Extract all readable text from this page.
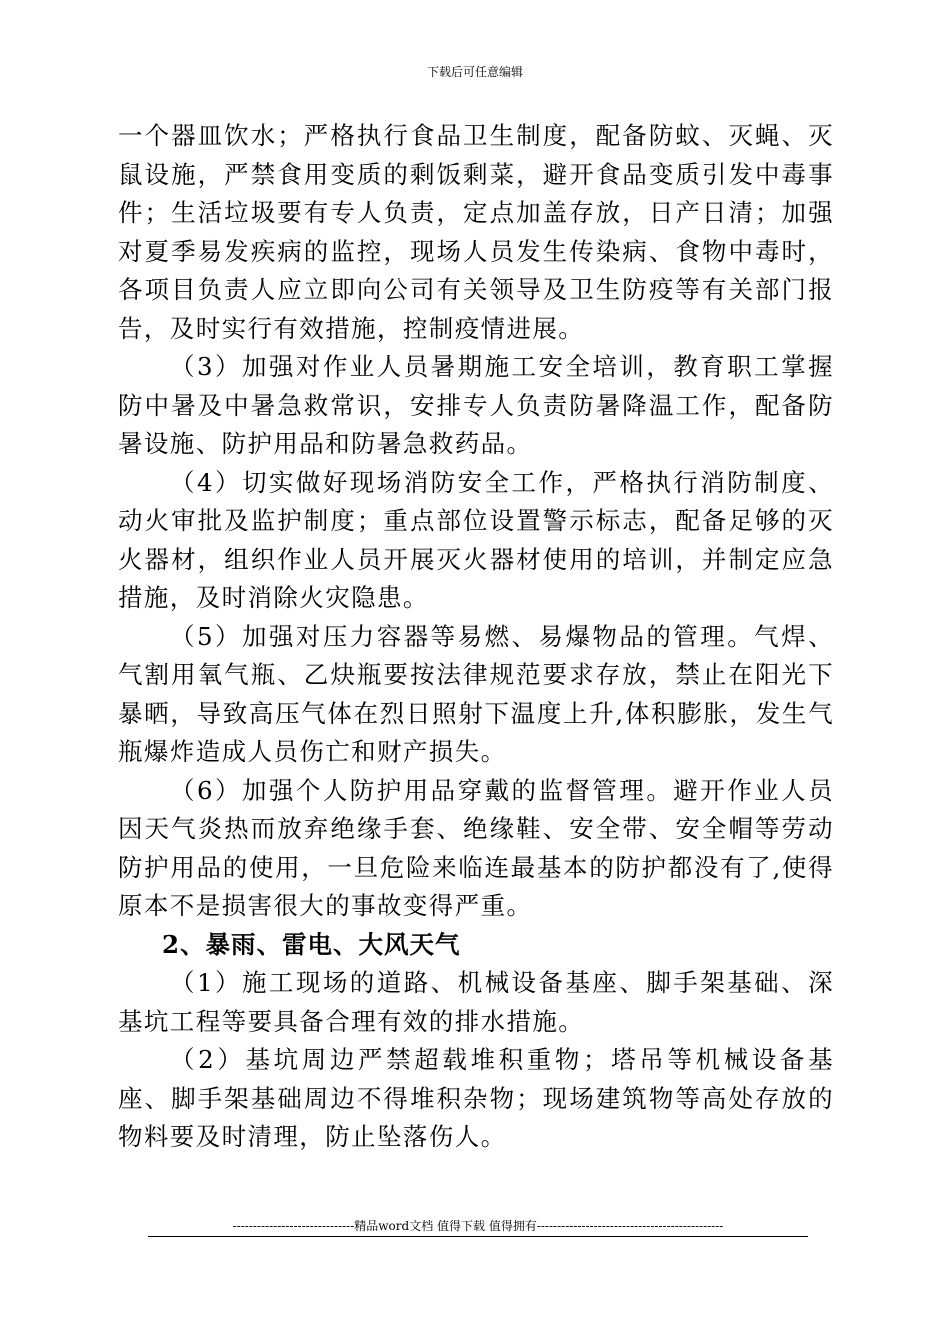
下载后可任意编辑

一个器皿饮水；严格执行食品卫生制度，配备防蚊、灭蝇、灭鼠设施，严禁食用变质的剩饭剩菜，避开食品变质引发中毒事件；生活垃圾要有专人负责，定点加盖存放，日产日清；加强对夏季易发疾病的监控，现场人员发生传染病、食物中毒时，各项目负责人应立即向公司有关领导及卫生防疫等有关部门报告，及时实行有效措施，控制疫情进展。

（3）加强对作业人员暑期施工安全培训，教育职工掌握防中暑及中暑急救常识，安排专人负责防暑降温工作，配备防暑设施、防护用品和防暑急救药品。

（4）切实做好现场消防安全工作，严格执行消防制度、动火审批及监护制度；重点部位设置警示标志，配备足够的灭火器材，组织作业人员开展灭火器材使用的培训，并制定应急措施，及时消除火灾隐患。

（5）加强对压力容器等易燃、易爆物品的管理。气焊、气割用氧气瓶、乙炔瓶要按法律规范要求存放，禁止在阳光下暴晒，导致高压气体在烈日照射下温度上升,体积膨胀，发生气瓶爆炸造成人员伤亡和财产损失。

（6）加强个人防护用品穿戴的监督管理。避开作业人员因天气炎热而放弃绝缘手套、绝缘鞋、安全带、安全帽等劳动防护用品的使用，一旦危险来临连最基本的防护都没有了,使得原本不是损害很大的事故变得严重。

2、暴雨、雷电、大风天气

（1）施工现场的道路、机械设备基座、脚手架基础、深基坑工程等要具备合理有效的排水措施。

（2）基坑周边严禁超载堆积重物；塔吊等机械设备基座、脚手架基础周边不得堆积杂物；现场建筑物等高处存放的物料要及时清理，防止坠落伤人。

------------------------------精品word文档 值得下载 值得拥有----------------------------------------------
